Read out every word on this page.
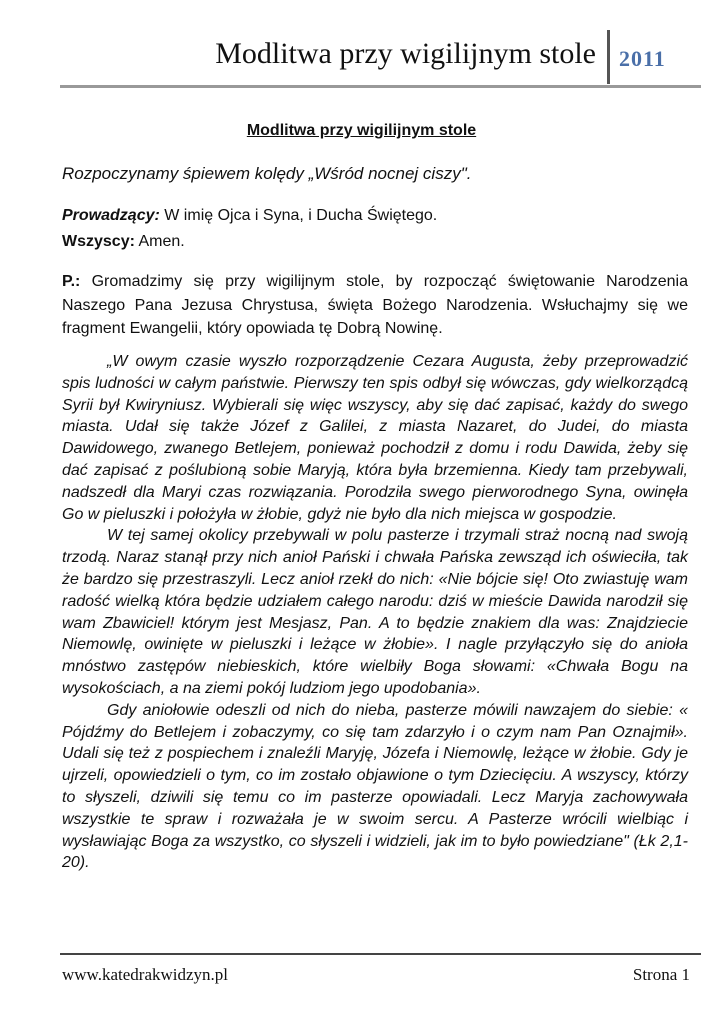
Modlitwa przy wigilijnym stole 2011
Modlitwa przy wigilijnym stole
Rozpoczynamy śpiewem kolędy „Wśród nocnej ciszy".
Prowadzący: W imię Ojca i Syna, i Ducha Świętego.
Wszyscy: Amen.

P.: Gromadzimy się przy wigilijnym stole, by rozpocząć świętowanie Narodzenia Naszego Pana Jezusa Chrystusa, święta Bożego Narodzenia. Wsłuchajmy się we fragment Ewangelii, który opowiada tę Dobrą Nowinę.

„W owym czasie wyszło rozporządzenie Cezara Augusta, żeby przeprowadzić spis ludności w całym państwie. Pierwszy ten spis odbył się wówczas, gdy wielkorządcą Syrii był Kwiryniusz. Wybierali się więc wszyscy, aby się dać zapisać, każdy do swego miasta. Udał się także Józef z Galilei, z miasta Nazaret, do Judei, do miasta Dawidowego, zwanego Betlejem, ponieważ pochodził z domu i rodu Dawida, żeby się dać zapisać z poślubioną sobie Maryją, która była brzemienna. Kiedy tam przebywali, nadszedł dla Maryi czas rozwiązania. Porodziła swego pierworodnego Syna, owinęła Go w pieluszki i położyła w żłobie, gdyż nie było dla nich miejsca w gospodzie.

W tej samej okolicy przebywali w polu pasterze i trzymali straż nocną nad swoją trzodą. Naraz stanął przy nich anioł Pański i chwała Pańska zewsząd ich oświeciła, tak że bardzo się przestraszyli. Lecz anioł rzekł do nich: «Nie bójcie się! Oto zwiastuję wam radość wielką która będzie udziałem całego narodu: dziś w mieście Dawida narodził się wam Zbawiciel! którym jest Mesjasz, Pan. A to będzie znakiem dla was: Znajdziecie Niemowlę, owinięte w pieluszki i leżące w żłobie». I nagle przyłączyło się do anioła mnóstwo zastępów niebieskich, które wielbiły Boga słowami: «Chwała Bogu na wysokościach, a na ziemi pokój ludziom jego upodobania».

Gdy aniołowie odeszli od nich do nieba, pasterze mówili nawzajem do siebie: « Pójdźmy do Betlejem i zobaczymy, co się tam zdarzyło i o czym nam Pan Oznajmił». Udali się też z pospiechem i znaleźli Maryję, Józefa i Niemowlę, leżące w żłobie. Gdy je ujrzeli, opowiedzieli o tym, co im zostało objawione o tym Dziecięciu. A wszyscy, którzy to słyszeli, dziwili się temu co im pasterze opowiadali. Lecz Maryja zachowywała wszystkie te spraw i rozważała je w swoim sercu. A Pasterze wrócili wielbiąc i wysławiając Boga za wszystko, co słyszeli i widzieli, jak im to było powiedziane" (Łk 2,1-20).

www.katedrakwidzyn.pl	Strona 1
